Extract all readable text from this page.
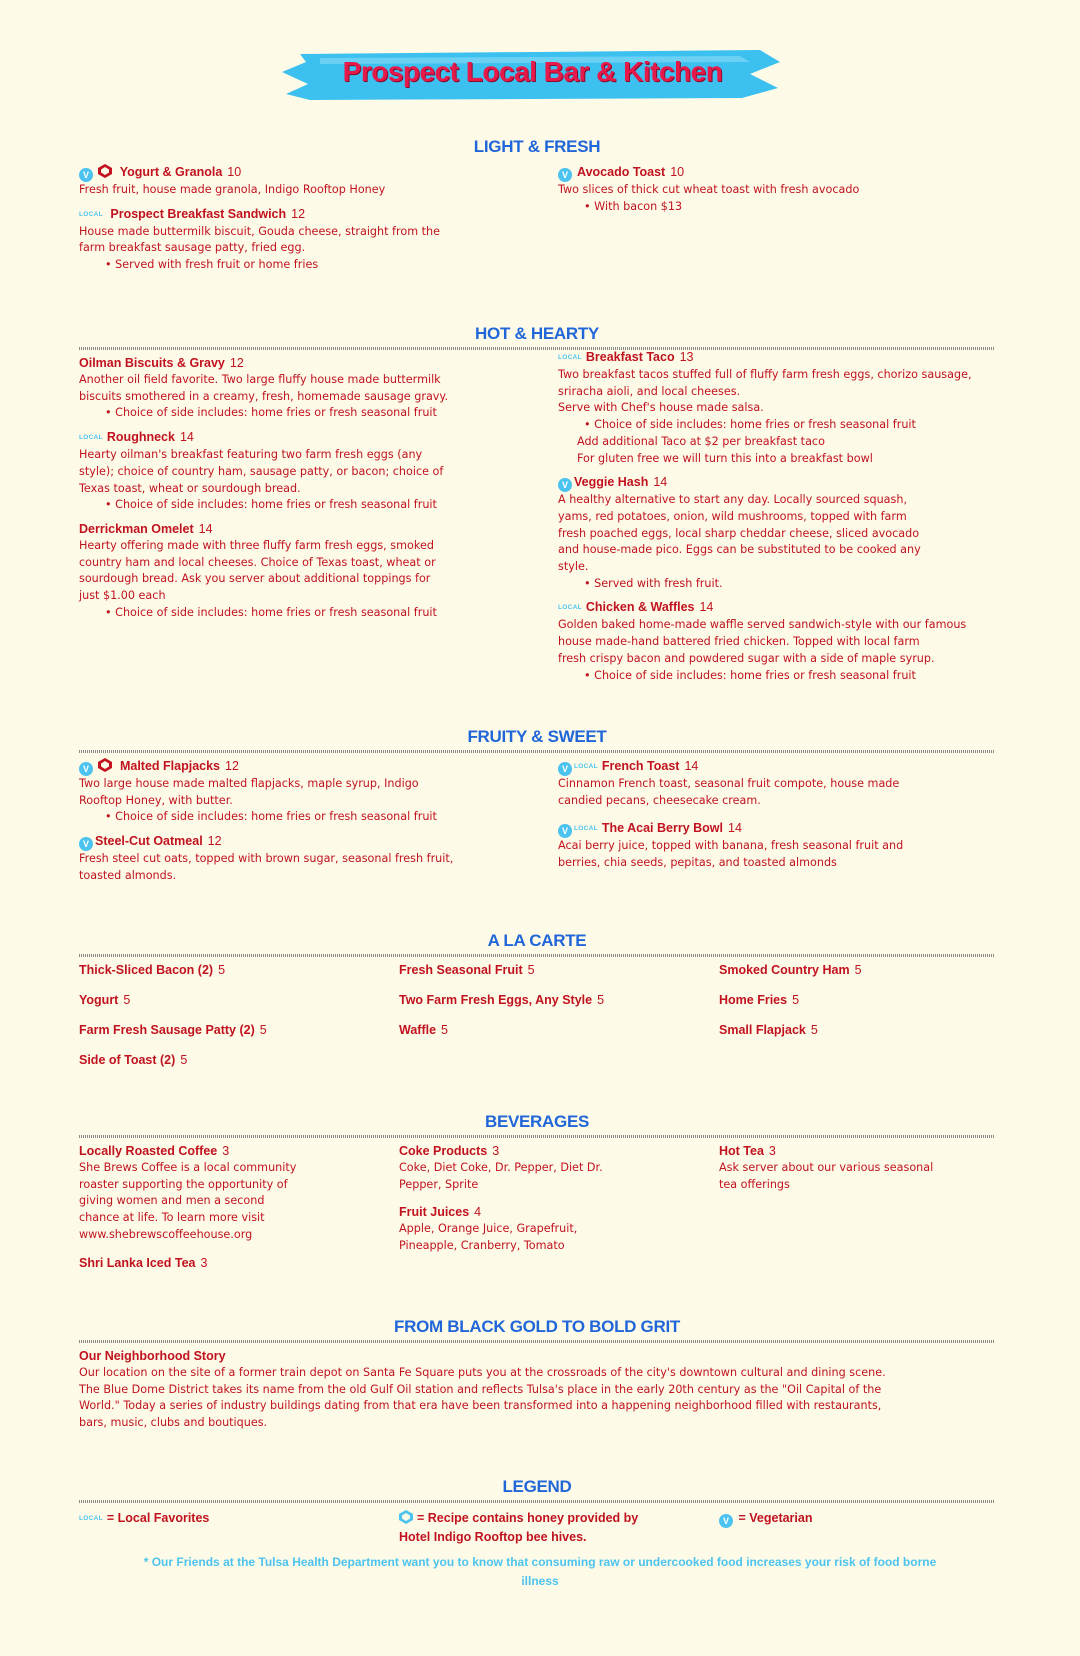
Prospect Local Bar & Kitchen
LIGHT & FRESH
V Yogurt & Granola 10
Fresh fruit, house made granola, Indigo Rooftop Honey
LOCAL Prospect Breakfast Sandwich 12
House made buttermilk biscuit, Gouda cheese, straight from the
farm breakfast sausage patty, fried egg.
• Served with fresh fruit or home fries
V Avocado Toast 10
Two slices of thick cut wheat toast with fresh avocado
• With bacon $13
HOT & HEARTY
Oilman Biscuits & Gravy 12
Another oil field favorite. Two large fluffy house made buttermilk
biscuits smothered in a creamy, fresh, homemade sausage gravy.
• Choice of side includes: home fries or fresh seasonal fruit
LOCAL Roughneck 14
Hearty oilman's breakfast featuring two farm fresh eggs (any
style); choice of country ham, sausage patty, or bacon; choice of
Texas toast, wheat or sourdough bread.
• Choice of side includes: home fries or fresh seasonal fruit
Derrickman Omelet 14
Hearty offering made with three fluffy farm fresh eggs, smoked
country ham and local cheeses. Choice of Texas toast, wheat or
sourdough bread. Ask you server about additional toppings for
just $1.00 each
• Choice of side includes: home fries or fresh seasonal fruit
LOCAL Breakfast Taco 13
Two breakfast tacos stuffed full of fluffy farm fresh eggs, chorizo sausage,
sriracha aioli, and local cheeses.
Serve with Chef's house made salsa.
• Choice of side includes: home fries or fresh seasonal fruit
Add additional Taco at $2 per breakfast taco
For gluten free we will turn this into a breakfast bowl
V Veggie Hash 14
A healthy alternative to start any day. Locally sourced squash,
yams, red potatoes, onion, wild mushrooms, topped with farm
fresh poached eggs, local sharp cheddar cheese, sliced avocado
and house-made pico. Eggs can be substituted to be cooked any
style.
• Served with fresh fruit.
LOCAL Chicken & Waffles 14
Golden baked home-made waffle served sandwich-style with our famous
house made-hand battered fried chicken. Topped with local farm
fresh crispy bacon and powdered sugar with a side of maple syrup.
• Choice of side includes: home fries or fresh seasonal fruit
FRUITY & SWEET
V Malted Flapjacks 12
Two large house made malted flapjacks, maple syrup, Indigo
Rooftop Honey, with butter.
• Choice of side includes: home fries or fresh seasonal fruit
V Steel-Cut Oatmeal 12
Fresh steel cut oats, topped with brown sugar, seasonal fresh fruit,
toasted almonds.
V LOCAL French Toast 14
Cinnamon French toast, seasonal fruit compote, house made
candied pecans, cheesecake cream.
V LOCAL The Acai Berry Bowl 14
Acai berry juice, topped with banana, fresh seasonal fruit and
berries, chia seeds, pepitas, and toasted almonds
A LA CARTE
Thick-Sliced Bacon (2) 5
Yogurt 5
Farm Fresh Sausage Patty (2) 5
Side of Toast (2) 5
Fresh Seasonal Fruit 5
Two Farm Fresh Eggs, Any Style 5
Waffle 5
Smoked Country Ham 5
Home Fries 5
Small Flapjack 5
BEVERAGES
Locally Roasted Coffee 3
She Brews Coffee is a local community
roaster supporting the opportunity of
giving women and men a second
chance at life. To learn more visit
www.shebrewscoffeehouse.org
Shri Lanka Iced Tea 3
Coke Products 3
Coke, Diet Coke, Dr. Pepper, Diet Dr.
Pepper, Sprite
Fruit Juices 4
Apple, Orange Juice, Grapefruit,
Pineapple, Cranberry, Tomato
Hot Tea 3
Ask server about our various seasonal
tea offerings
FROM BLACK GOLD TO BOLD GRIT
Our Neighborhood Story
Our location on the site of a former train depot on Santa Fe Square puts you at the crossroads of the city's downtown cultural and dining scene.
The Blue Dome District takes its name from the old Gulf Oil station and reflects Tulsa's place in the early 20th century as the "Oil Capital of the
World." Today a series of industry buildings dating from that era have been transformed into a happening neighborhood filled with restaurants,
bars, music, clubs and boutiques.
LEGEND
LOCAL = Local Favorites	= Recipe contains honey provided by
Hotel Indigo Rooftop bee hives.
V = Vegetarian
* Our Friends at the Tulsa Health Department want you to know that consuming raw or undercooked food increases your risk of food borne
illness
